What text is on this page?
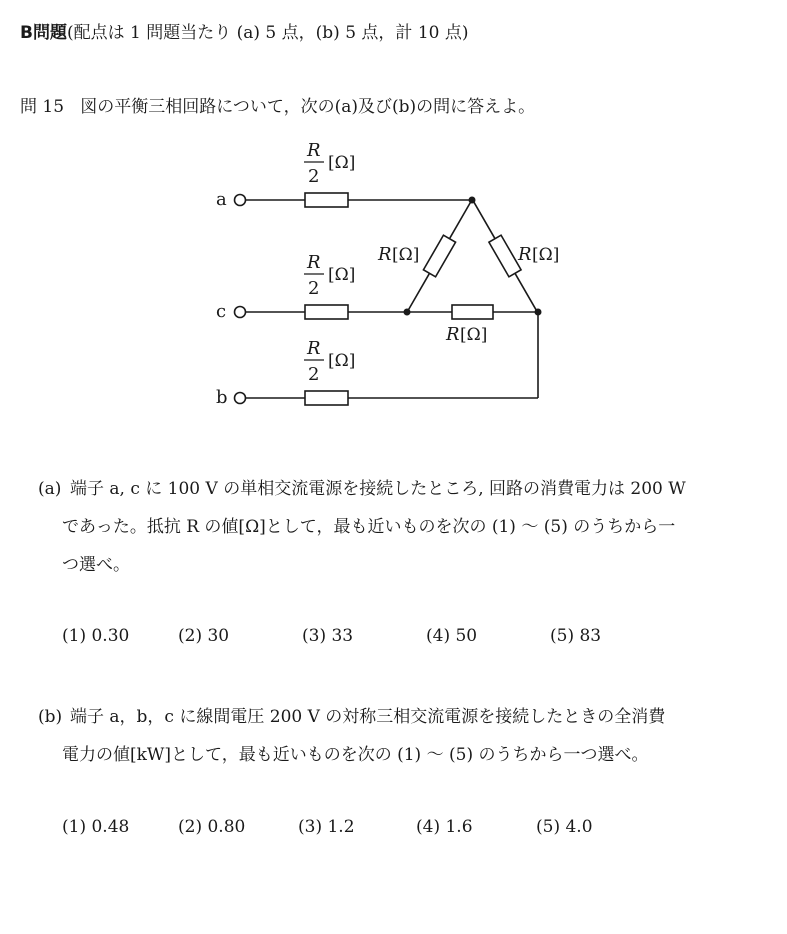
B問題(配点は 1 問題当たり (a) 5 点，(b) 5 点，計 10 点)
問 15 図の平衡三相回路について，次の(a)及び(b)の問に答えよ。
a
c
b
R
2
[Ω]
R
2
[Ω]
R
2
[Ω]
R [Ω]	R [Ω]
R [Ω]
(a) 端子 a, c に 100 V の単相交流電源を接続したところ, 回路の消費電力は 200 W
であった。抵抗 R の値[Ω]として，最も近いものを次の (1) ～ (5) のうちから一
つ選べ。
(1) 0.30	(2) 30	(3) 33	(4) 50	(5) 83
(b) 端子 a，b，c に線間電圧 200 V の対称三相交流電源を接続したときの全消費
電力の値[kW]として，最も近いものを次の (1) ～ (5) のうちから一つ選べ。
(1) 0.48	(2) 0.80	(3) 1.2	(4) 1.6	(5) 4.0
